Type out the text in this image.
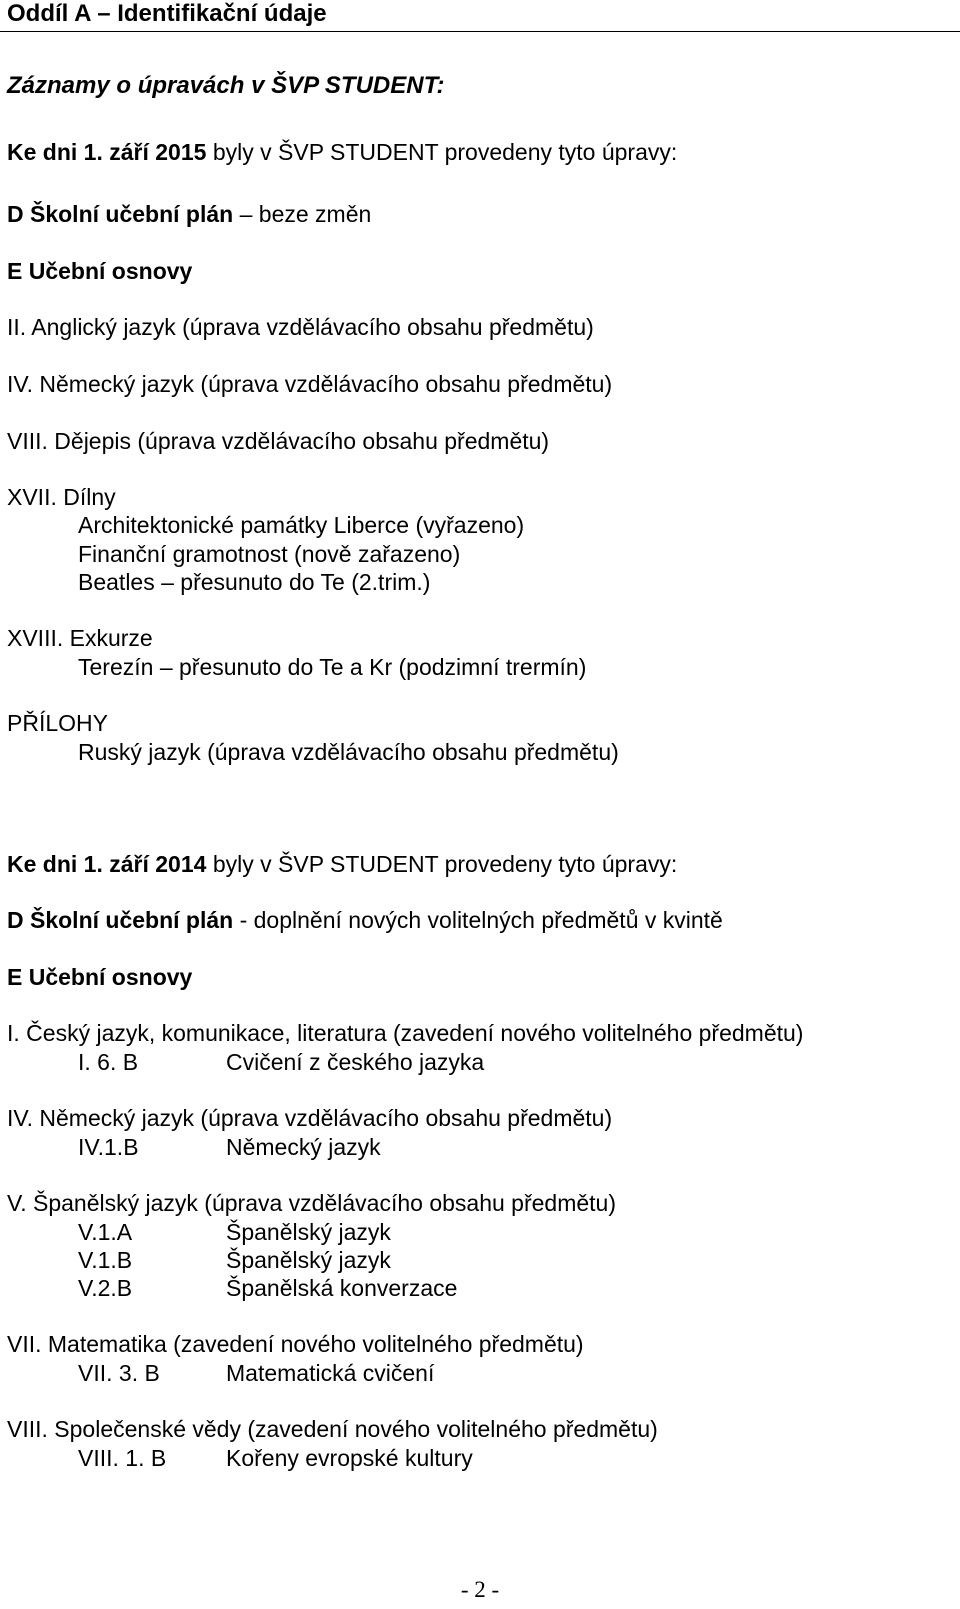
Oddíl A – Identifikační údaje
Záznamy o úpravách v ŠVP STUDENT:
Ke dni 1. září 2015 byly v ŠVP STUDENT provedeny tyto úpravy:
D Školní učební plán – beze změn
E Učební osnovy
II. Anglický jazyk (úprava vzdělávacího obsahu předmětu)
IV. Německý jazyk (úprava vzdělávacího obsahu předmětu)
VIII. Dějepis (úprava vzdělávacího obsahu předmětu)
XVII. Dílny
Architektonické památky Liberce (vyřazeno)
Finanční gramotnost (nově zařazeno)
Beatles – přesunuto do Te (2.trim.)
XVIII. Exkurze
Terezín – přesunuto do Te a Kr (podzimní trermín)
PŘÍLOHY
Ruský jazyk (úprava vzdělávacího obsahu předmětu)
Ke dni 1. září 2014 byly v ŠVP STUDENT provedeny tyto úpravy:
D Školní učební plán - doplnění nových volitelných předmětů v kvintě
E Učební osnovy
I. Český jazyk, komunikace, literatura (zavedení nového volitelného předmětu)
I. 6. B	Cvičení z českého jazyka
IV. Německý jazyk (úprava vzdělávacího obsahu předmětu)
IV.1.B	Německý jazyk
V. Španělský jazyk (úprava vzdělávacího obsahu předmětu)
V.1.A	Španělský jazyk
V.1.B	Španělský jazyk
V.2.B	Španělská konverzace
VII. Matematika (zavedení nového volitelného předmětu)
VII. 3. B	Matematická cvičení
VIII. Společenské vědy (zavedení nového volitelného předmětu)
VIII. 1. B	Kořeny evropské kultury
- 2 -
